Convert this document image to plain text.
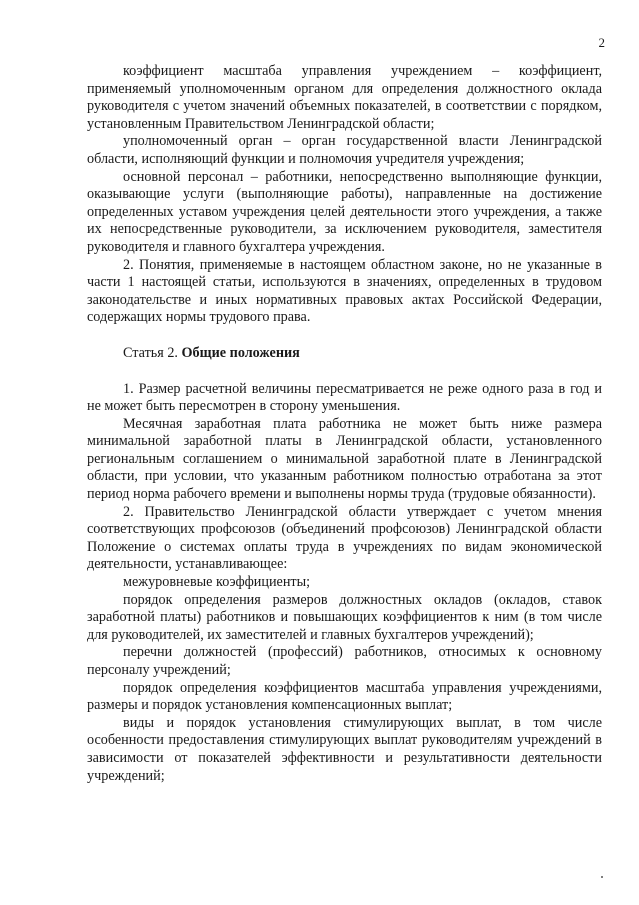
2

коэффициент масштаба управления учреждением – коэффициент, применяемый уполномоченным органом для определения должностного оклада руководителя с учетом значений объемных показателей, в соответствии с порядком, установленным Правительством Ленинградской области;

уполномоченный орган – орган государственной власти Ленинградской области, исполняющий функции и полномочия учредителя учреждения;

основной персонал – работники, непосредственно выполняющие функции, оказывающие услуги (выполняющие работы), направленные на достижение определенных уставом учреждения целей деятельности этого учреждения, а также их непосредственные руководители, за исключением руководителя, заместителя руководителя и главного бухгалтера учреждения.

2. Понятия, применяемые в настоящем областном законе, но не указанные в части 1 настоящей статьи, используются в значениях, определенных в трудовом законодательстве и иных нормативных правовых актах Российской Федерации, содержащих нормы трудового права.

Статья 2. Общие положения

1. Размер расчетной величины пересматривается не реже одного раза в год и не может быть пересмотрен в сторону уменьшения.

Месячная заработная плата работника не может быть ниже размера минимальной заработной платы в Ленинградской области, установленного региональным соглашением о минимальной заработной плате в Ленинградской области, при условии, что указанным работником полностью отработана за этот период норма рабочего времени и выполнены нормы труда (трудовые обязанности).

2. Правительство Ленинградской области утверждает с учетом мнения соответствующих профсоюзов (объединений профсоюзов) Ленинградской области Положение о системах оплаты труда в учреждениях по видам экономической деятельности, устанавливающее:

межуровневые коэффициенты;

порядок определения размеров должностных окладов (окладов, ставок заработной платы) работников и повышающих коэффициентов к ним (в том числе для руководителей, их заместителей и главных бухгалтеров учреждений);

перечни должностей (профессий) работников, относимых к основному персоналу учреждений;

порядок определения коэффициентов масштаба управления учреждениями, размеры и порядок установления компенсационных выплат;

виды и порядок установления стимулирующих выплат, в том числе особенности предоставления стимулирующих выплат руководителям учреждений в зависимости от показателей эффективности и результативности деятельности учреждений;
